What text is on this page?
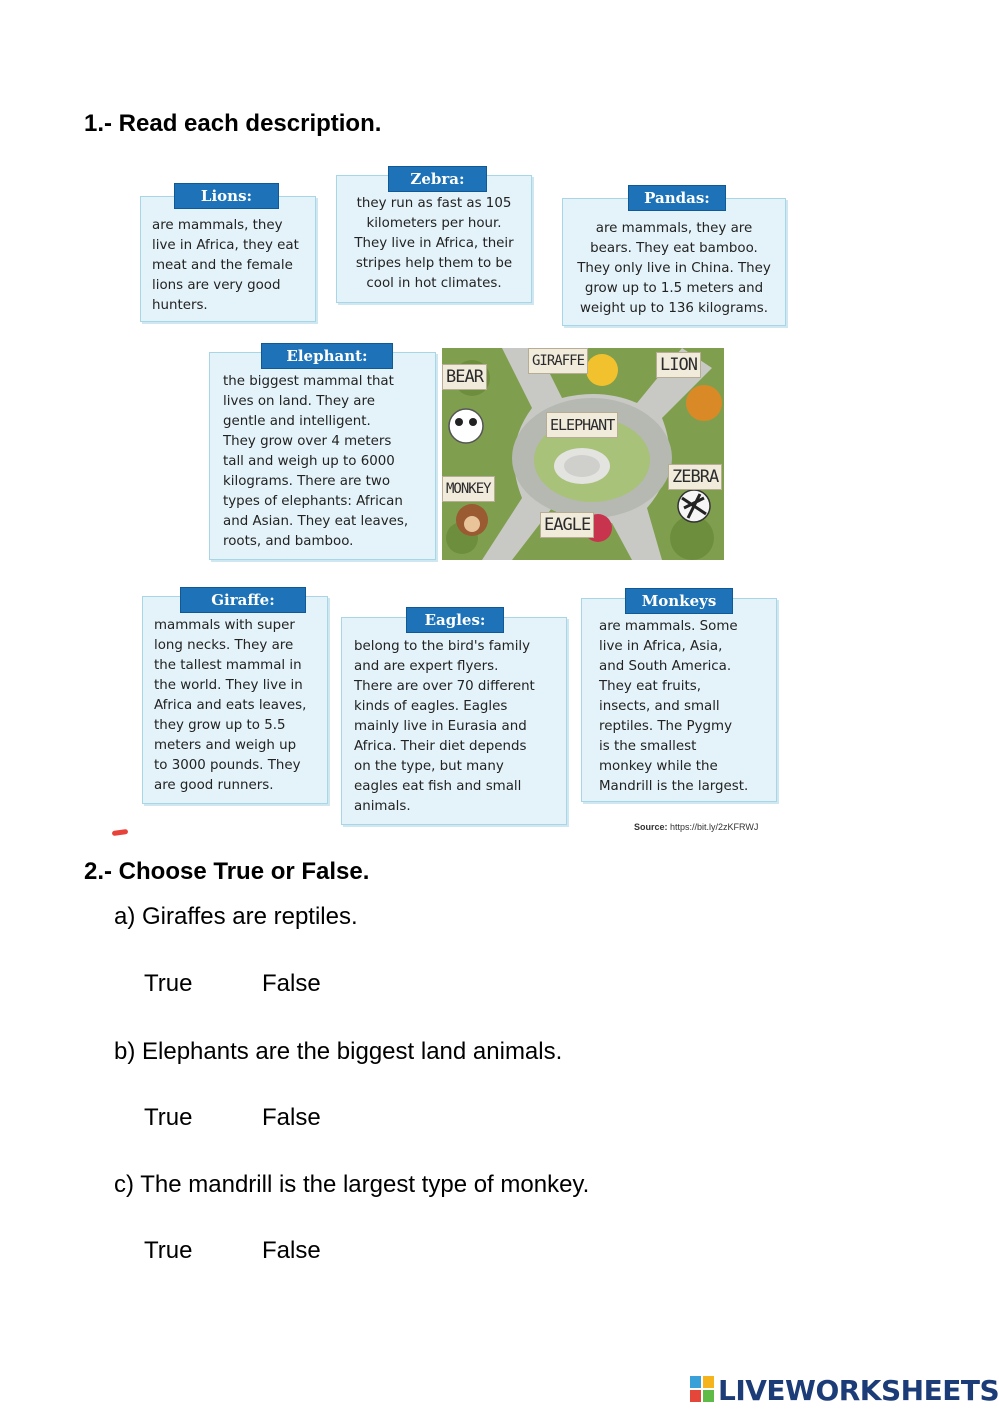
1.- Read each description.
Lions:
are mammals, they
live in Africa, they eat
meat and the female
lions are very good
hunters.
Zebra:
they run as fast as 105
kilometers per hour.
They live in Africa, their
stripes help them to be
cool in hot climates.
Pandas:
are mammals, they are
bears. They eat bamboo.
They only live in China. They
grow up to 1.5 meters and
weight up to 136 kilograms.
Elephant:
the biggest mammal that
lives on land. They are
gentle and intelligent.
They grow over 4 meters
tall and weigh up to 6000
kilograms. There are two
types of elephants: African
and Asian. They eat leaves,
roots, and bamboo.
BEAR
GIRAFFE	LION
ELEPHANT
ZEBRA
MONKEY
EAGLE
Giraffe:
mammals with super
long necks. They are
the tallest mammal in
the world. They live in
Africa and eats leaves,
they grow up to 5.5
meters and weigh up
to 3000 pounds. They
are good runners.
Eagles:
belong to the bird's family
and are expert flyers.
There are over 70 different
kinds of eagles. Eagles
mainly live in Eurasia and
Africa. Their diet depends
on the type, but many
eagles eat fish and small
animals.
Monkeys
are mammals. Some
live in Africa, Asia,
and South America.
They eat fruits,
insects, and small
reptiles. The Pygmy
is the smallest
monkey while the
Mandrill is the largest.
Source: https://bit.ly/2zKFRWJ
2.- Choose True or False.
a) Giraffes are reptiles.
True	False
b) Elephants are the biggest land animals.
True	False
c) The mandrill is the largest type of monkey.
True	False
LIVEWORKSHEETS
